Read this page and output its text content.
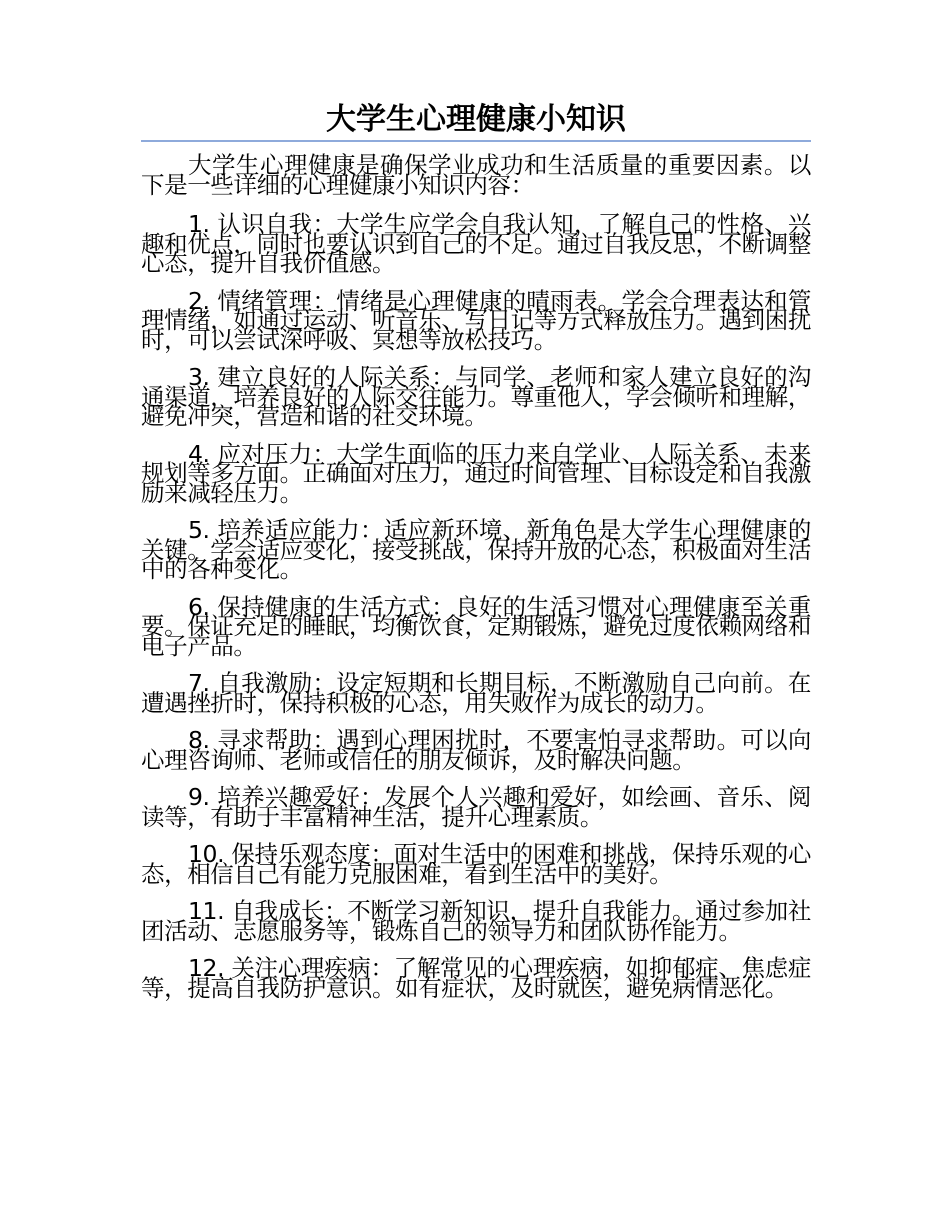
大学生心理健康小知识

大学生心理健康是确保学业成功和生活质量的重要因素。以下是一些详细的心理健康小知识内容：

1. 认识自我：大学生应学会自我认知，了解自己的性格、兴趣和优点，同时也要认识到自己的不足。通过自我反思，不断调整心态，提升自我价值感。

2. 情绪管理：情绪是心理健康的晴雨表。学会合理表达和管理情绪，如通过运动、听音乐、写日记等方式释放压力。遇到困扰时，可以尝试深呼吸、冥想等放松技巧。

3. 建立良好的人际关系：与同学、老师和家人建立良好的沟通渠道，培养良好的人际交往能力。尊重他人，学会倾听和理解，避免冲突，营造和谐的社交环境。

4. 应对压力：大学生面临的压力来自学业、人际关系、未来规划等多方面。正确面对压力，通过时间管理、目标设定和自我激励来减轻压力。

5. 培养适应能力：适应新环境、新角色是大学生心理健康的关键。学会适应变化，接受挑战，保持开放的心态，积极面对生活中的各种变化。

6. 保持健康的生活方式：良好的生活习惯对心理健康至关重要。保证充足的睡眠，均衡饮食，定期锻炼，避免过度依赖网络和电子产品。

7. 自我激励：设定短期和长期目标，不断激励自己向前。在遭遇挫折时，保持积极的心态，用失败作为成长的动力。

8. 寻求帮助：遇到心理困扰时，不要害怕寻求帮助。可以向心理咨询师、老师或信任的朋友倾诉，及时解决问题。

9. 培养兴趣爱好：发展个人兴趣和爱好，如绘画、音乐、阅读等，有助于丰富精神生活，提升心理素质。

10. 保持乐观态度：面对生活中的困难和挑战，保持乐观的心态，相信自己有能力克服困难，看到生活中的美好。

11. 自我成长：不断学习新知识，提升自我能力。通过参加社团活动、志愿服务等，锻炼自己的领导力和团队协作能力。

12. 关注心理疾病：了解常见的心理疾病，如抑郁症、焦虑症等，提高自我防护意识。如有症状，及时就医，避免病情恶化。
